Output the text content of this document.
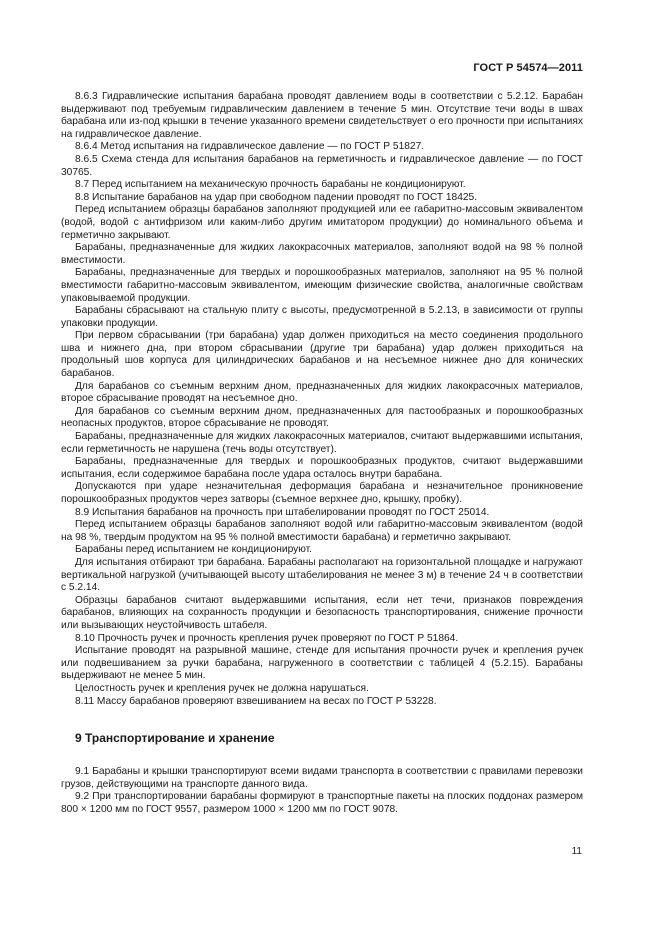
ГОСТ Р 54574—2011

8.6.3 Гидравлические испытания барабана проводят давлением воды в соответствии с 5.2.12. Барабан выдерживают под требуемым гидравлическим давлением в течение 5 мин. Отсутствие течи воды в швах барабана или из-под крышки в течение указанного времени свидетельствует о его прочности при испытаниях на гидравлическое давление.

8.6.4 Метод испытания на гидравлическое давление — по ГОСТ Р 51827.

8.6.5 Схема стенда для испытания барабанов на герметичность и гидравлическое давление — по ГОСТ 30765.

8.7 Перед испытанием на механическую прочность барабаны не кондиционируют.

8.8 Испытание барабанов на удар при свободном падении проводят по ГОСТ 18425.

Перед испытанием образцы барабанов заполняют продукцией или ее габаритно-массовым эквивалентом (водой, водой с антифризом или каким-либо другим имитатором продукции) до номинального объема и герметично закрывают.

Барабаны, предназначенные для жидких лакокрасочных материалов, заполняют водой на 98 % полной вместимости.

Барабаны, предназначенные для твердых и порошкообразных материалов, заполняют на 95 % полной вместимости габаритно-массовым эквивалентом, имеющим физические свойства, аналогичные свойствам упаковываемой продукции.

Барабаны сбрасывают на стальную плиту с высоты, предусмотренной в 5.2.13, в зависимости от группы упаковки продукции.

При первом сбрасывании (три барабана) удар должен приходиться на место соединения продольного шва и нижнего дна, при втором сбрасывании (другие три барабана) удар должен приходиться на продольный шов корпуса для цилиндрических барабанов и на несъемное нижнее дно для конических барабанов.

Для барабанов со съемным верхним дном, предназначенных для жидких лакокрасочных материалов, второе сбрасывание проводят на несъемное дно.

Для барабанов со съемным верхним дном, предназначенных для пастообразных и порошкообразных неопасных продуктов, второе сбрасывание не проводят.

Барабаны, предназначенные для жидких лакокрасочных материалов, считают выдержавшими испытания, если герметичность не нарушена (течь воды отсутствует).

Барабаны, предназначенные для твердых и порошкообразных продуктов, считают выдержавшими испытания, если содержимое барабана после удара осталось внутри барабана.

Допускаются при ударе незначительная деформация барабана и незначительное проникновение порошкообразных продуктов через затворы (съемное верхнее дно, крышку, пробку).

8.9 Испытания барабанов на прочность при штабелировании проводят по ГОСТ 25014.

Перед испытанием образцы барабанов заполняют водой или габаритно-массовым эквивалентом (водой на 98 %, твердым продуктом на 95 % полной вместимости барабана) и герметично закрывают.

Барабаны перед испытанием не кондиционируют.

Для испытания отбирают три барабана. Барабаны располагают на горизонтальной площадке и нагружают вертикальной нагрузкой (учитывающей высоту штабелирования не менее 3 м) в течение 24 ч в соответствии с 5.2.14.

Образцы барабанов считают выдержавшими испытания, если нет течи, признаков повреждения барабанов, влияющих на сохранность продукции и безопасность транспортирования, снижение прочности или вызывающих неустойчивость штабеля.

8.10 Прочность ручек и прочность крепления ручек проверяют по ГОСТ Р 51864.

Испытание проводят на разрывной машине, стенде для испытания прочности ручек и крепления ручек или подвешиванием за ручки барабана, нагруженного в соответствии с таблицей 4 (5.2.15). Барабаны выдерживают не менее 5 мин.

Целостность ручек и крепления ручек не должна нарушаться.

8.11 Массу барабанов проверяют взвешиванием на весах по ГОСТ Р 53228.

9 Транспортирование и хранение

9.1 Барабаны и крышки транспортируют всеми видами транспорта в соответствии с правилами перевозки грузов, действующими на транспорте данного вида.

9.2 При транспортировании барабаны формируют в транспортные пакеты на плоских поддонах размером 800 × 1200 мм по ГОСТ 9557, размером 1000 × 1200 мм по ГОСТ 9078.

11
